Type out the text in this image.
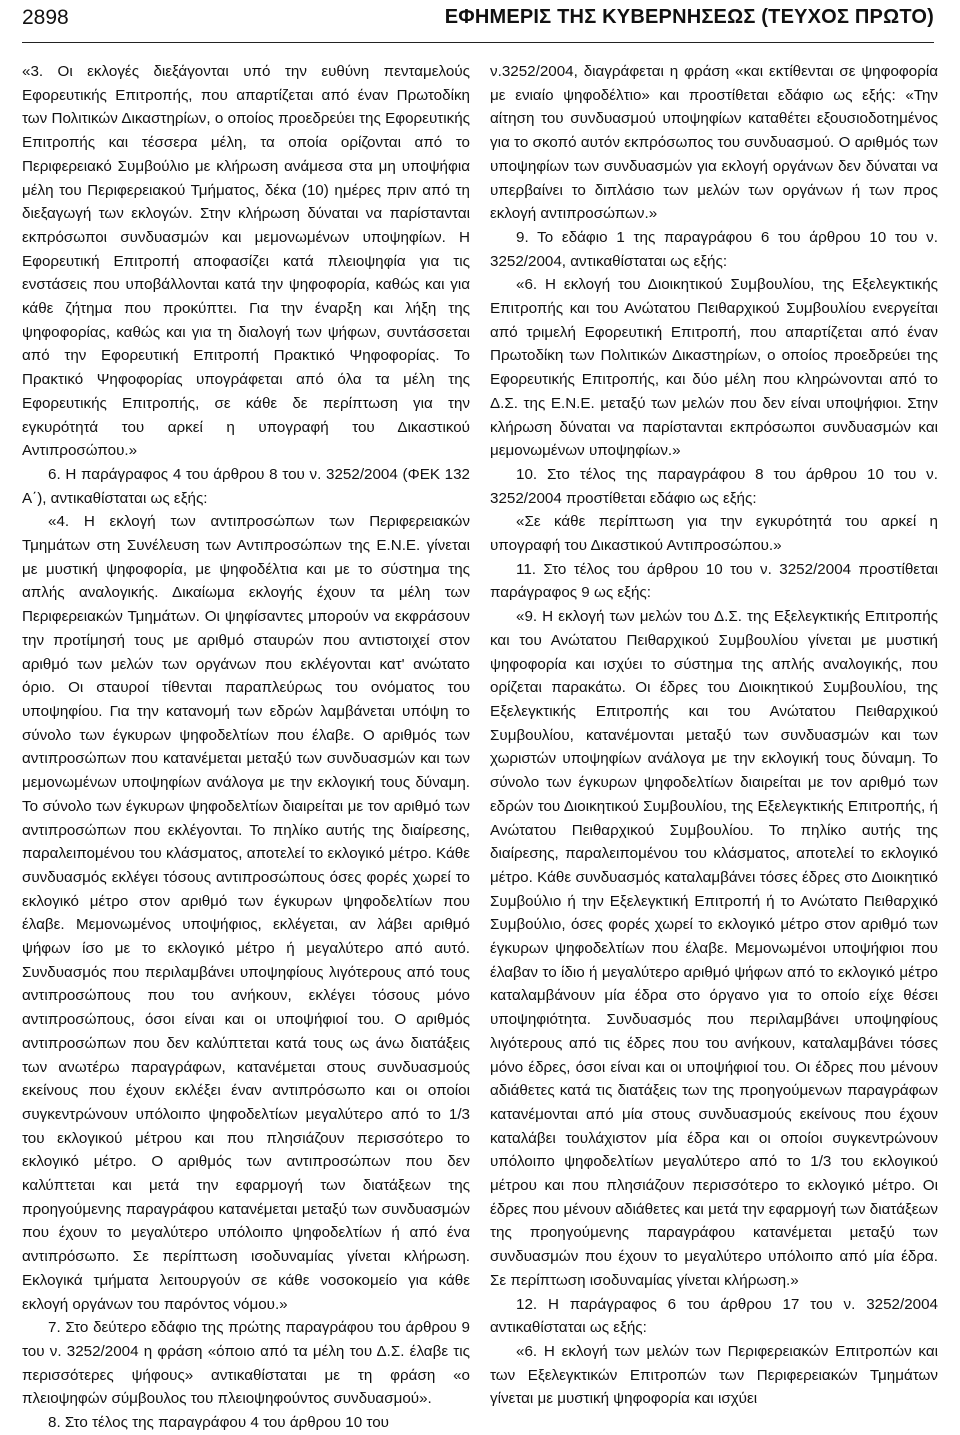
2898	ΕΦΗΜΕΡΙΣ ΤΗΣ ΚΥΒΕΡΝΗΣΕΩΣ (ΤΕΥΧΟΣ ΠΡΩΤΟ)

«3. Οι εκλογές διεξάγονται υπό την ευθύνη πενταμελούς Εφορευτικής Επιτροπής, που απαρτίζεται από έναν Πρωτοδίκη των Πολιτικών Δικαστηρίων, ο οποίος προεδρεύει της Εφορευτικής Επιτροπής και τέσσερα μέλη, τα οποία ορίζονται από το Περιφερειακό Συμβούλιο με κλήρωση ανάμεσα στα μη υποψήφια μέλη του Περιφερειακού Τμήματος, δέκα (10) ημέρες πριν από τη διεξαγωγή των εκλογών. Στην κλήρωση δύναται να παρίστανται εκπρόσωποι συνδυασμών και μεμονωμένων υποψηφίων. Η Εφορευτική Επιτροπή αποφασίζει κατά πλειοψηφία για τις ενστάσεις που υποβάλλονται κατά την ψηφοφορία, καθώς και για κάθε ζήτημα που προκύπτει. Για την έναρξη και λήξη της ψηφοφορίας, καθώς και για τη διαλογή των ψήφων, συντάσσεται από την Εφορευτική Επιτροπή Πρακτικό Ψηφοφορίας. Το Πρακτικό Ψηφοφορίας υπογράφεται από όλα τα μέλη της Εφορευτικής Επιτροπής, σε κάθε δε περίπτωση για την εγκυρότητά του αρκεί η υπογραφή του Δικαστικού Αντιπροσώπου.»

6. Η παράγραφος 4 του άρθρου 8 του ν. 3252/2004 (ΦΕΚ 132 Α΄), αντικαθίσταται ως εξής:

«4. Η εκλογή των αντιπροσώπων των Περιφερειακών Τμημάτων στη Συνέλευση των Αντιπροσώπων της Ε.Ν.Ε. γίνεται με μυστική ψηφοφορία, με ψηφοδέλτια και με το σύστημα της απλής αναλογικής. Δικαίωμα εκλογής έχουν τα μέλη των Περιφερειακών Τμημάτων. Οι ψηφίσαντες μπορούν να εκφράσουν την προτίμησή τους με αριθμό σταυρών που αντιστοιχεί στον αριθμό των μελών των οργάνων που εκλέγονται κατ' ανώτατο όριο. Οι σταυροί τίθενται παραπλεύρως του ονόματος του υποψηφίου. Για την κατανομή των εδρών λαμβάνεται υπόψη το σύνολο των έγκυρων ψηφοδελτίων που έλαβε. Ο αριθμός των αντιπροσώπων που κατανέμεται μεταξύ των συνδυασμών και των μεμονωμένων υποψηφίων ανάλογα με την εκλογική τους δύναμη. Το σύνολο των έγκυρων ψηφοδελτίων διαιρείται με τον αριθμό των αντιπροσώπων που εκλέγονται. Το πηλίκο αυτής της διαίρεσης, παραλειπομένου του κλάσματος, αποτελεί το εκλογικό μέτρο. Κάθε συνδυασμός εκλέγει τόσους αντιπροσώπους όσες φορές χωρεί το εκλογικό μέτρο στον αριθμό των έγκυρων ψηφοδελτίων που έλαβε. Μεμονωμένος υποψήφιος, εκλέγεται, αν λάβει αριθμό ψήφων ίσο με το εκλογικό μέτρο ή μεγαλύτερο από αυτό. Συνδυασμός που περιλαμβάνει υποψηφίους λιγότερους από τους αντιπροσώπους που του ανήκουν, εκλέγει τόσους μόνο αντιπροσώπους, όσοι είναι και οι υποψήφιοί του. Ο αριθμός αντιπροσώπων που δεν καλύπτεται κατά τους ως άνω διατάξεις των ανωτέρω παραγράφων, κατανέμεται στους συνδυασμούς εκείνους που έχουν εκλέξει έναν αντιπρόσωπο και οι οποίοι συγκεντρώνουν υπόλοιπο ψηφοδελτίων μεγαλύτερο από το 1/3 του εκλογικού μέτρου και που πλησιάζουν περισσότερο το εκλογικό μέτρο. Ο αριθμός των αντιπροσώπων που δεν καλύπτεται και μετά την εφαρμογή των διατάξεων της προηγούμενης παραγράφου κατανέμεται μεταξύ των συνδυασμών που έχουν το μεγαλύτερο υπόλοιπο ψηφοδελτίων ή από ένα αντιπρόσωπο. Σε περίπτωση ισοδυναμίας γίνεται κλήρωση. Εκλογικά τμήματα λειτουργούν σε κάθε νοσοκομείο για κάθε εκλογή οργάνων του παρόντος νόμου.»

7. Στο δεύτερο εδάφιο της πρώτης παραγράφου του άρθρου 9 του ν. 3252/2004 η φράση «όποιο από τα μέλη του Δ.Σ. έλαβε τις περισσότερες ψήφους» αντικαθίσταται με τη φράση «ο πλειοψηφών σύμβουλος του πλειοψηφούντος συνδυασμού».

8. Στο τέλος της παραγράφου 4 του άρθρου 10 του

ν.3252/2004, διαγράφεται η φράση «και εκτίθενται σε ψηφοφορία με ενιαίο ψηφοδέλτιο» και προστίθεται εδάφιο ως εξής: «Την αίτηση του συνδυασμού υποψηφίων καταθέτει εξουσιοδοτημένος για το σκοπό αυτόν εκπρόσωπος του συνδυασμού. Ο αριθμός των υποψηφίων των συνδυασμών για εκλογή οργάνων δεν δύναται να υπερβαίνει το διπλάσιο των μελών των οργάνων ή των προς εκλογή αντιπροσώπων.»

9. Το εδάφιο 1 της παραγράφου 6 του άρθρου 10 του ν. 3252/2004, αντικαθίσταται ως εξής:

«6. Η εκλογή του Διοικητικού Συμβουλίου, της Εξελεγκτικής Επιτροπής και του Ανώτατου Πειθαρχικού Συμβουλίου ενεργείται από τριμελή Εφορευτική Επιτροπή, που απαρτίζεται από έναν Πρωτοδίκη των Πολιτικών Δικαστηρίων, ο οποίος προεδρεύει της Εφορευτικής Επιτροπής, και δύο μέλη που κληρώνονται από το Δ.Σ. της Ε.Ν.Ε. μεταξύ των μελών που δεν είναι υποψήφιοι. Στην κλήρωση δύναται να παρίστανται εκπρόσωποι συνδυασμών και μεμονωμένων υποψηφίων.»

10. Στο τέλος της παραγράφου 8 του άρθρου 10 του ν. 3252/2004 προστίθεται εδάφιο ως εξής:

«Σε κάθε περίπτωση για την εγκυρότητά του αρκεί η υπογραφή του Δικαστικού Αντιπροσώπου.»

11. Στο τέλος του άρθρου 10 του ν. 3252/2004 προστίθεται παράγραφος 9 ως εξής:

«9. Η εκλογή των μελών του Δ.Σ. της Εξελεγκτικής Επιτροπής και του Ανώτατου Πειθαρχικού Συμβουλίου γίνεται με μυστική ψηφοφορία και ισχύει το σύστημα της απλής αναλογικής, που ορίζεται παρακάτω. Οι έδρες του Διοικητικού Συμβουλίου, της Εξελεγκτικής Επιτροπής και του Ανώτατου Πειθαρχικού Συμβουλίου, κατανέμονται μεταξύ των συνδυασμών και των χωριστών υποψηφίων ανάλογα με την εκλογική τους δύναμη. Το σύνολο των έγκυρων ψηφοδελτίων διαιρείται με τον αριθμό των εδρών του Διοικητικού Συμβουλίου, της Εξελεγκτικής Επιτροπής, ή Ανώτατου Πειθαρχικού Συμβουλίου. Το πηλίκο αυτής της διαίρεσης, παραλειπομένου του κλάσματος, αποτελεί το εκλογικό μέτρο. Κάθε συνδυασμός καταλαμβάνει τόσες έδρες στο Διοικητικό Συμβούλιο ή την Εξελεγκτική Επιτροπή ή το Ανώτατο Πειθαρχικό Συμβούλιο, όσες φορές χωρεί το εκλογικό μέτρο στον αριθμό των έγκυρων ψηφοδελτίων που έλαβε. Μεμονωμένοι υποψήφιοι που έλαβαν το ίδιο ή μεγαλύτερο αριθμό ψήφων από το εκλογικό μέτρο καταλαμβάνουν μία έδρα στο όργανο για το οποίο είχε θέσει υποψηφιότητα. Συνδυασμός που περιλαμβάνει υποψηφίους λιγότερους από τις έδρες που του ανήκουν, καταλαμβάνει τόσες μόνο έδρες, όσοι είναι και οι υποψήφιοί του. Οι έδρες που μένουν αδιάθετες κατά τις διατάξεις των της προηγούμενων παραγράφων κατανέμονται από μία στους συνδυασμούς εκείνους που έχουν καταλάβει τουλάχιστον μία έδρα και οι οποίοι συγκεντρώνουν υπόλοιπο ψηφοδελτίων μεγαλύτερο από το 1/3 του εκλογικού μέτρου και που πλησιάζουν περισσότερο το εκλογικό μέτρο. Οι έδρες που μένουν αδιάθετες και μετά την εφαρμογή των διατάξεων της προηγούμενης παραγράφου κατανέμεται μεταξύ των συνδυασμών που έχουν το μεγαλύτερο υπόλοιπο από μία έδρα. Σε περίπτωση ισοδυναμίας γίνεται κλήρωση.»

12. Η παράγραφος 6 του άρθρου 17 του ν. 3252/2004 αντικαθίσταται ως εξής:

«6. Η εκλογή των μελών των Περιφερειακών Επιτροπών και των Εξελεγκτικών Επιτροπών των Περιφερειακών Τμημάτων γίνεται με μυστική ψηφοφορία και ισχύει
